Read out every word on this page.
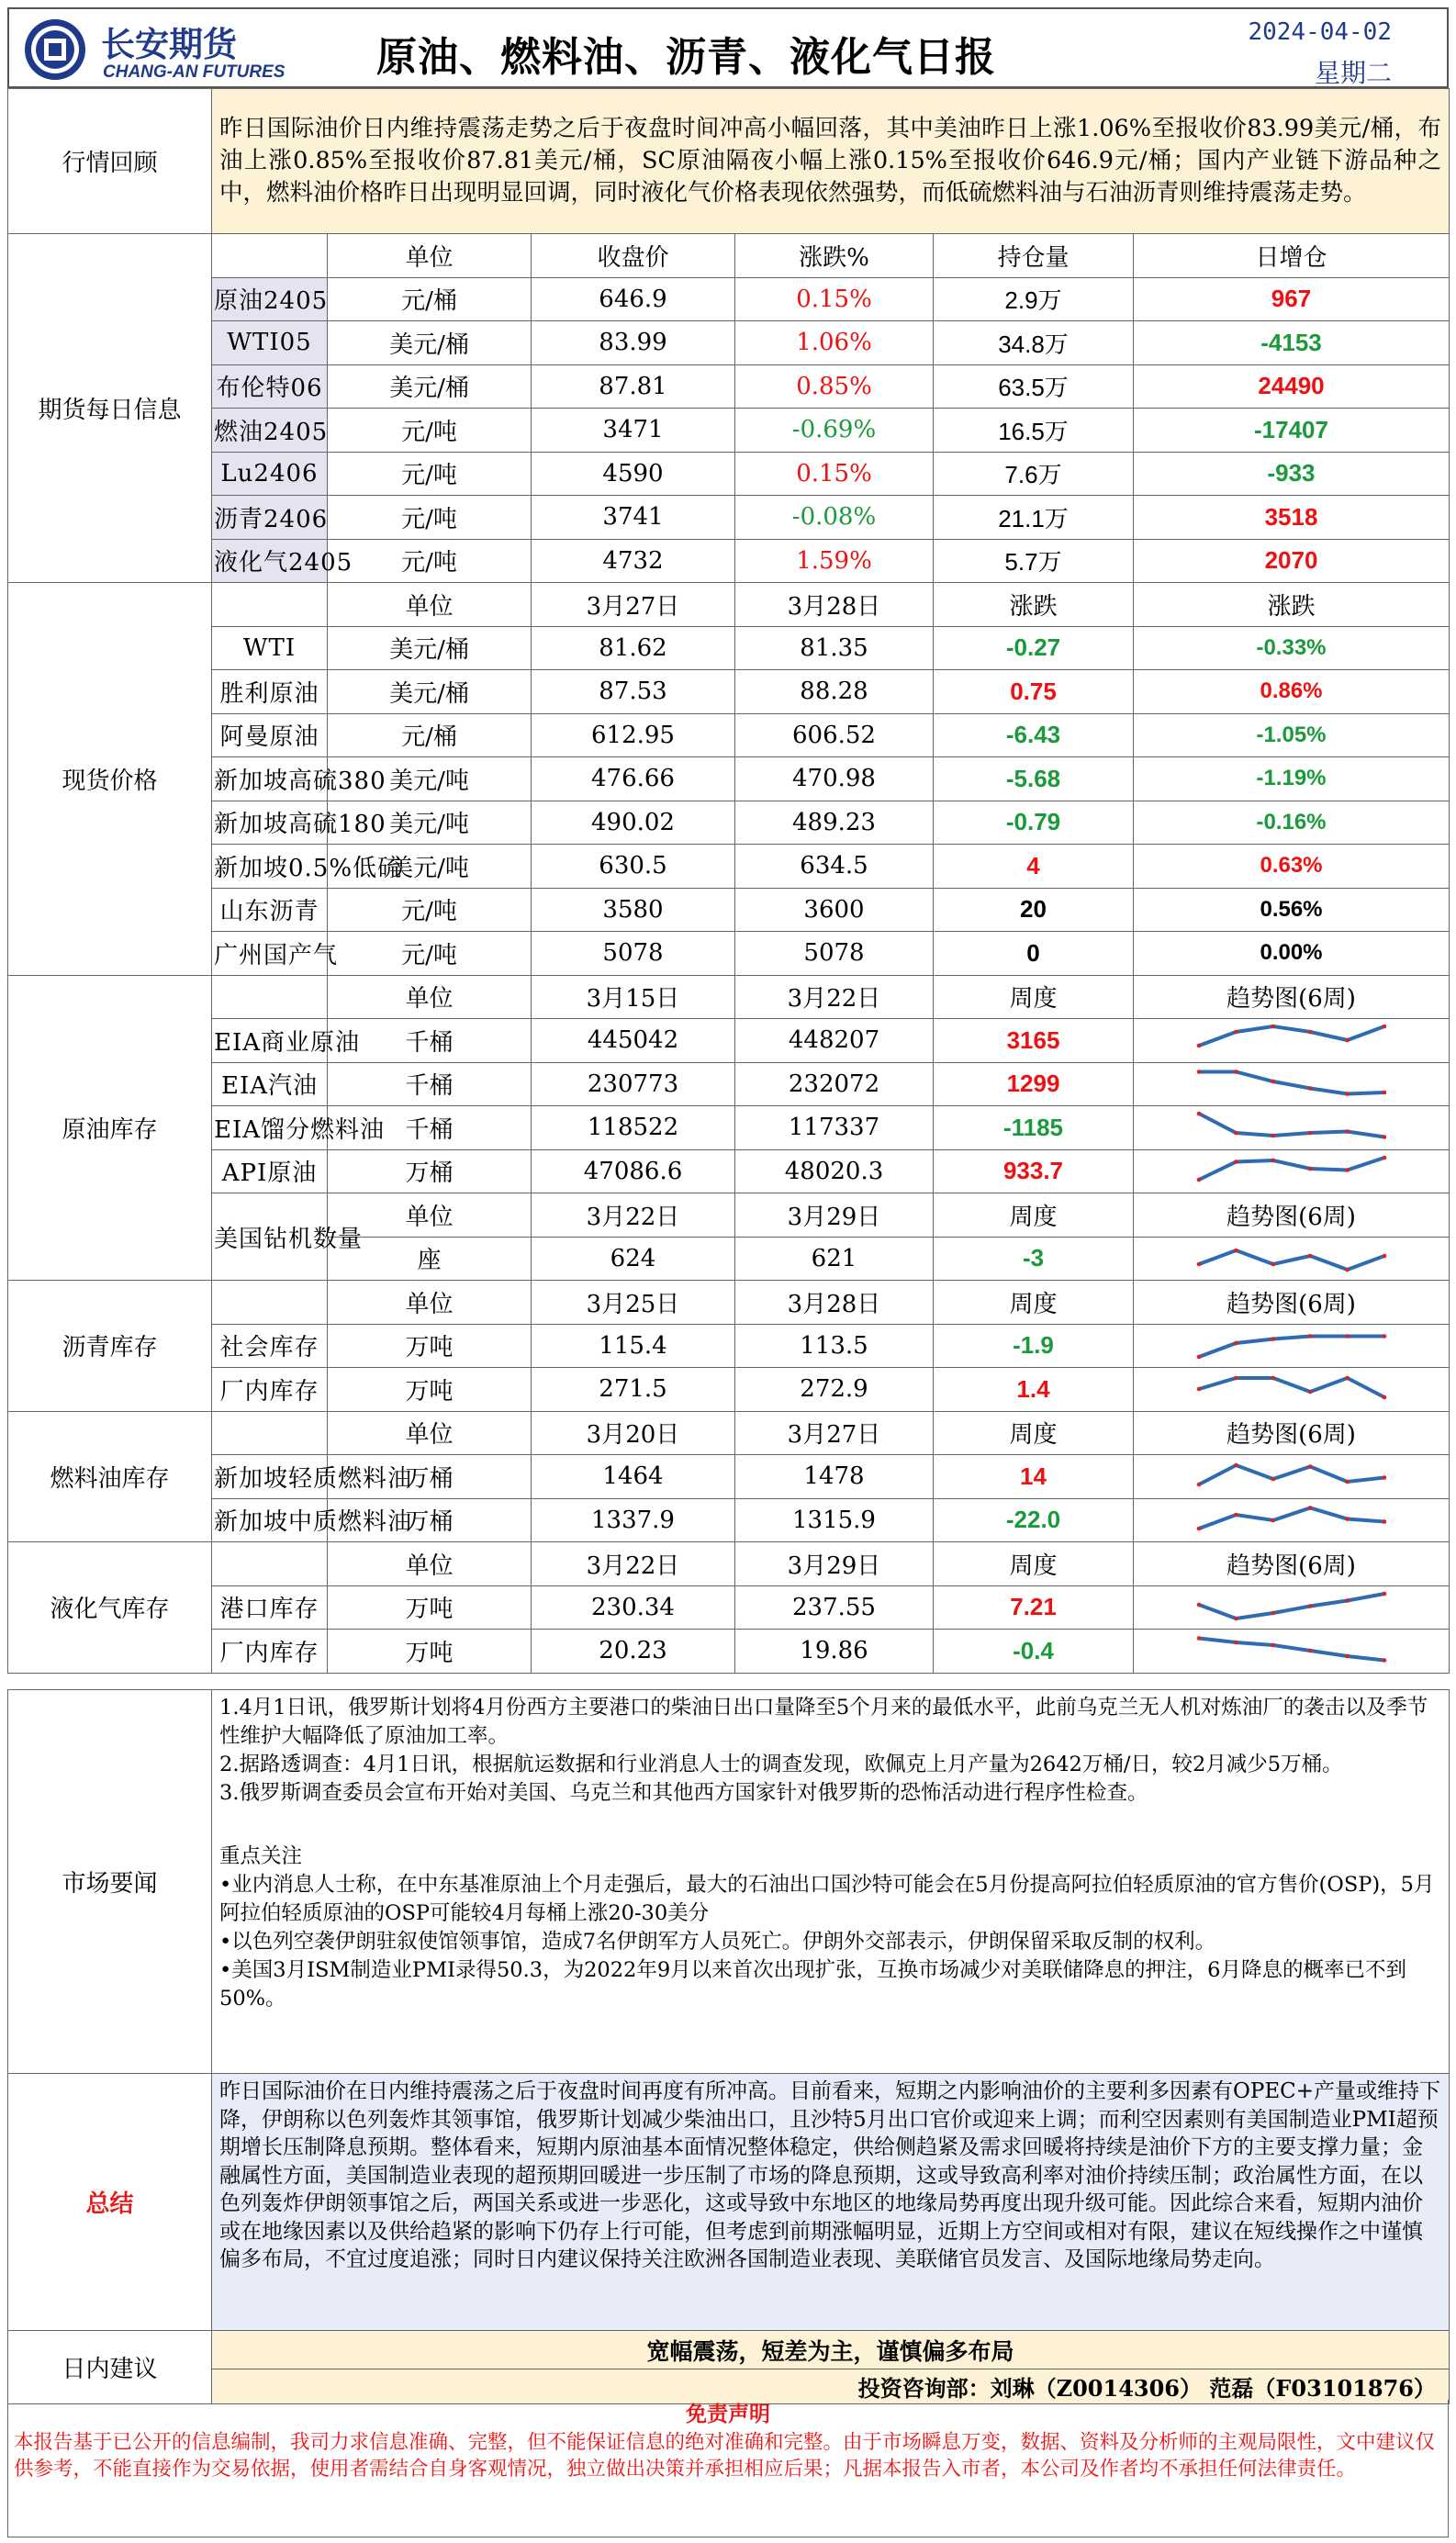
长安期货
CHANG-AN FUTURES 原油、燃料油、沥青、液化气日报
2024-04-02
星期二
行情回顾	
昨日国际油价日内维持震荡走势之后于夜盘时间冲高小幅回落，其中美油昨日上涨1.06%至报收价83.99美元/桶，布油上涨0.85%至报收价87.81美元/桶，SC原油隔夜小幅上涨0.15%至报收价646.9元/桶；国内产业链下游品种之中，燃料油价格昨日出现明显回调，同时液化气价格表现依然强势，而低硫燃料油与石油沥青则维持震荡走势。
期货每日信息		单位	收盘价	涨跌%	持仓量	日增仓
	原油2405	元/桶	646.9	0.15%	2.9万	967
	WTI05	美元/桶	83.99	1.06%	34.8万	-4153
	布伦特06	美元/桶	87.81	0.85%	63.5万	24490
	燃油2405	元/吨	3471	-0.69%	16.5万	-17407
	Lu2406	元/吨	4590	0.15%	7.6万	-933
	沥青2406	元/吨	3741	-0.08%	21.1万	3518
	液化气2405	元/吨	4732	1.59%	5.7万	2070
现货价格		单位	3月27日	3月28日	涨跌	涨跌
	WTI	美元/桶	81.62	81.35	-0.27	-0.33%
	胜利原油	美元/桶	87.53	88.28	0.75	0.86%
	阿曼原油	元/桶	612.95	606.52	-6.43	-1.05%
	新加坡高硫380	美元/吨	476.66	470.98	-5.68	-1.19%
	新加坡高硫180	美元/吨	490.02	489.23	-0.79	-0.16%
	新加坡0.5%低硫	美元/吨	630.5	634.5	4	0.63%
	山东沥青	元/吨	3580	3600	20	0.56%
	广州国产气	元/吨	5078	5078	0	0.00%
原油库存		单位	3月15日	3月22日	周度	趋势图(6周)
	EIA商业原油	千桶	445042	448207	3165	

	EIA汽油	千桶	230773	232072	1299	

	EIA馏分燃料油	千桶	118522	117337	-1185	

	API原油	万桶	47086.6	48020.3	933.7	

	美国钻机数量	单位	3月22日	3月29日	周度	趋势图(6周)
		座	624	621	-3	
沥青库存		单位	3月25日	3月28日	周度	趋势图(6周)
	社会库存	万吨	115.4	113.5	-1.9	

	厂内库存	万吨	271.5	272.9	1.4	
燃料油库存		单位	3月20日	3月27日	周度	趋势图(6周)
	新加坡轻质燃料油	万桶	1464	1478	14	

	新加坡中质燃料油	万桶	1337.9	1315.9	-22.0	
液化气库存		单位	3月22日	3月29日	周度	趋势图(6周)
	港口库存	万吨	230.34	237.55	7.21	

	厂内库存	万吨	20.23	19.86	-0.4	
市场要闻	
1.4月1日讯，俄罗斯计划将4月份西方主要港口的柴油日出口量降至5个月来的最低水平，此前乌克兰无人机对炼油厂的袭击以及季节性维护大幅降低了原油加工率。
2.据路透调查：4月1日讯，根据航运数据和行业消息人士的调查发现，欧佩克上月产量为2642万桶/日，较2月减少5万桶。
3.俄罗斯调查委员会宣布开始对美国、乌克兰和其他西方国家针对俄罗斯的恐怖活动进行程序性检查。
重点关注
•业内消息人士称，在中东基准原油上个月走强后，最大的石油出口国沙特可能会在5月份提高阿拉伯轻质原油的官方售价(OSP)，5月阿拉伯轻质原油的OSP可能较4月每桶上涨20-30美分
•以色列空袭伊朗驻叙使馆领事馆，造成7名伊朗军方人员死亡。伊朗外交部表示，伊朗保留采取反制的权利。
•美国3月ISM制造业PMI录得50.3，为2022年9月以来首次出现扩张，互换市场减少对美联储降息的押注，6月降息的概率已不到50%。
总结	
昨日国际油价在日内维持震荡之后于夜盘时间再度有所冲高。目前看来，短期之内影响油价的主要利多因素有OPEC+产量或维持下降，伊朗称以色列轰炸其领事馆，俄罗斯计划减少柴油出口，且沙特5月出口官价或迎来上调；而利空因素则有美国制造业PMI超预期增长压制降息预期。整体看来，短期内原油基本面情况整体稳定，供给侧趋紧及需求回暖将持续是油价下方的主要支撑力量；金融属性方面，美国制造业表现的超预期回暖进一步压制了市场的降息预期，这或导致高利率对油价持续压制；政治属性方面，在以色列轰炸伊朗领事馆之后，两国关系或进一步恶化，这或导致中东地区的地缘局势再度出现升级可能。因此综合来看，短期内油价或在地缘因素以及供给趋紧的影响下仍存上行可能，但考虑到前期涨幅明显，近期上方空间或相对有限，建议在短线操作之中谨慎偏多布局，不宜过度追涨；同时日内建议保持关注欧洲各国制造业表现、美联储官员发言、及国际地缘局势走向。
日内建议	宽幅震荡，短差为主，谨慎偏多布局
投资咨询部：刘琳（Z0014306） 范磊（F03101876）
免责声明
本报告基于已公开的信息编制，我司力求信息准确、完整，但不能保证信息的绝对准确和完整。由于市场瞬息万变，数据、资料及分析师的主观局限性，文中建议仅供参考，不能直接作为交易依据，使用者需结合自身客观情况，独立做出决策并承担相应后果；凡据本报告入市者，本公司及作者均不承担任何法律责任。
